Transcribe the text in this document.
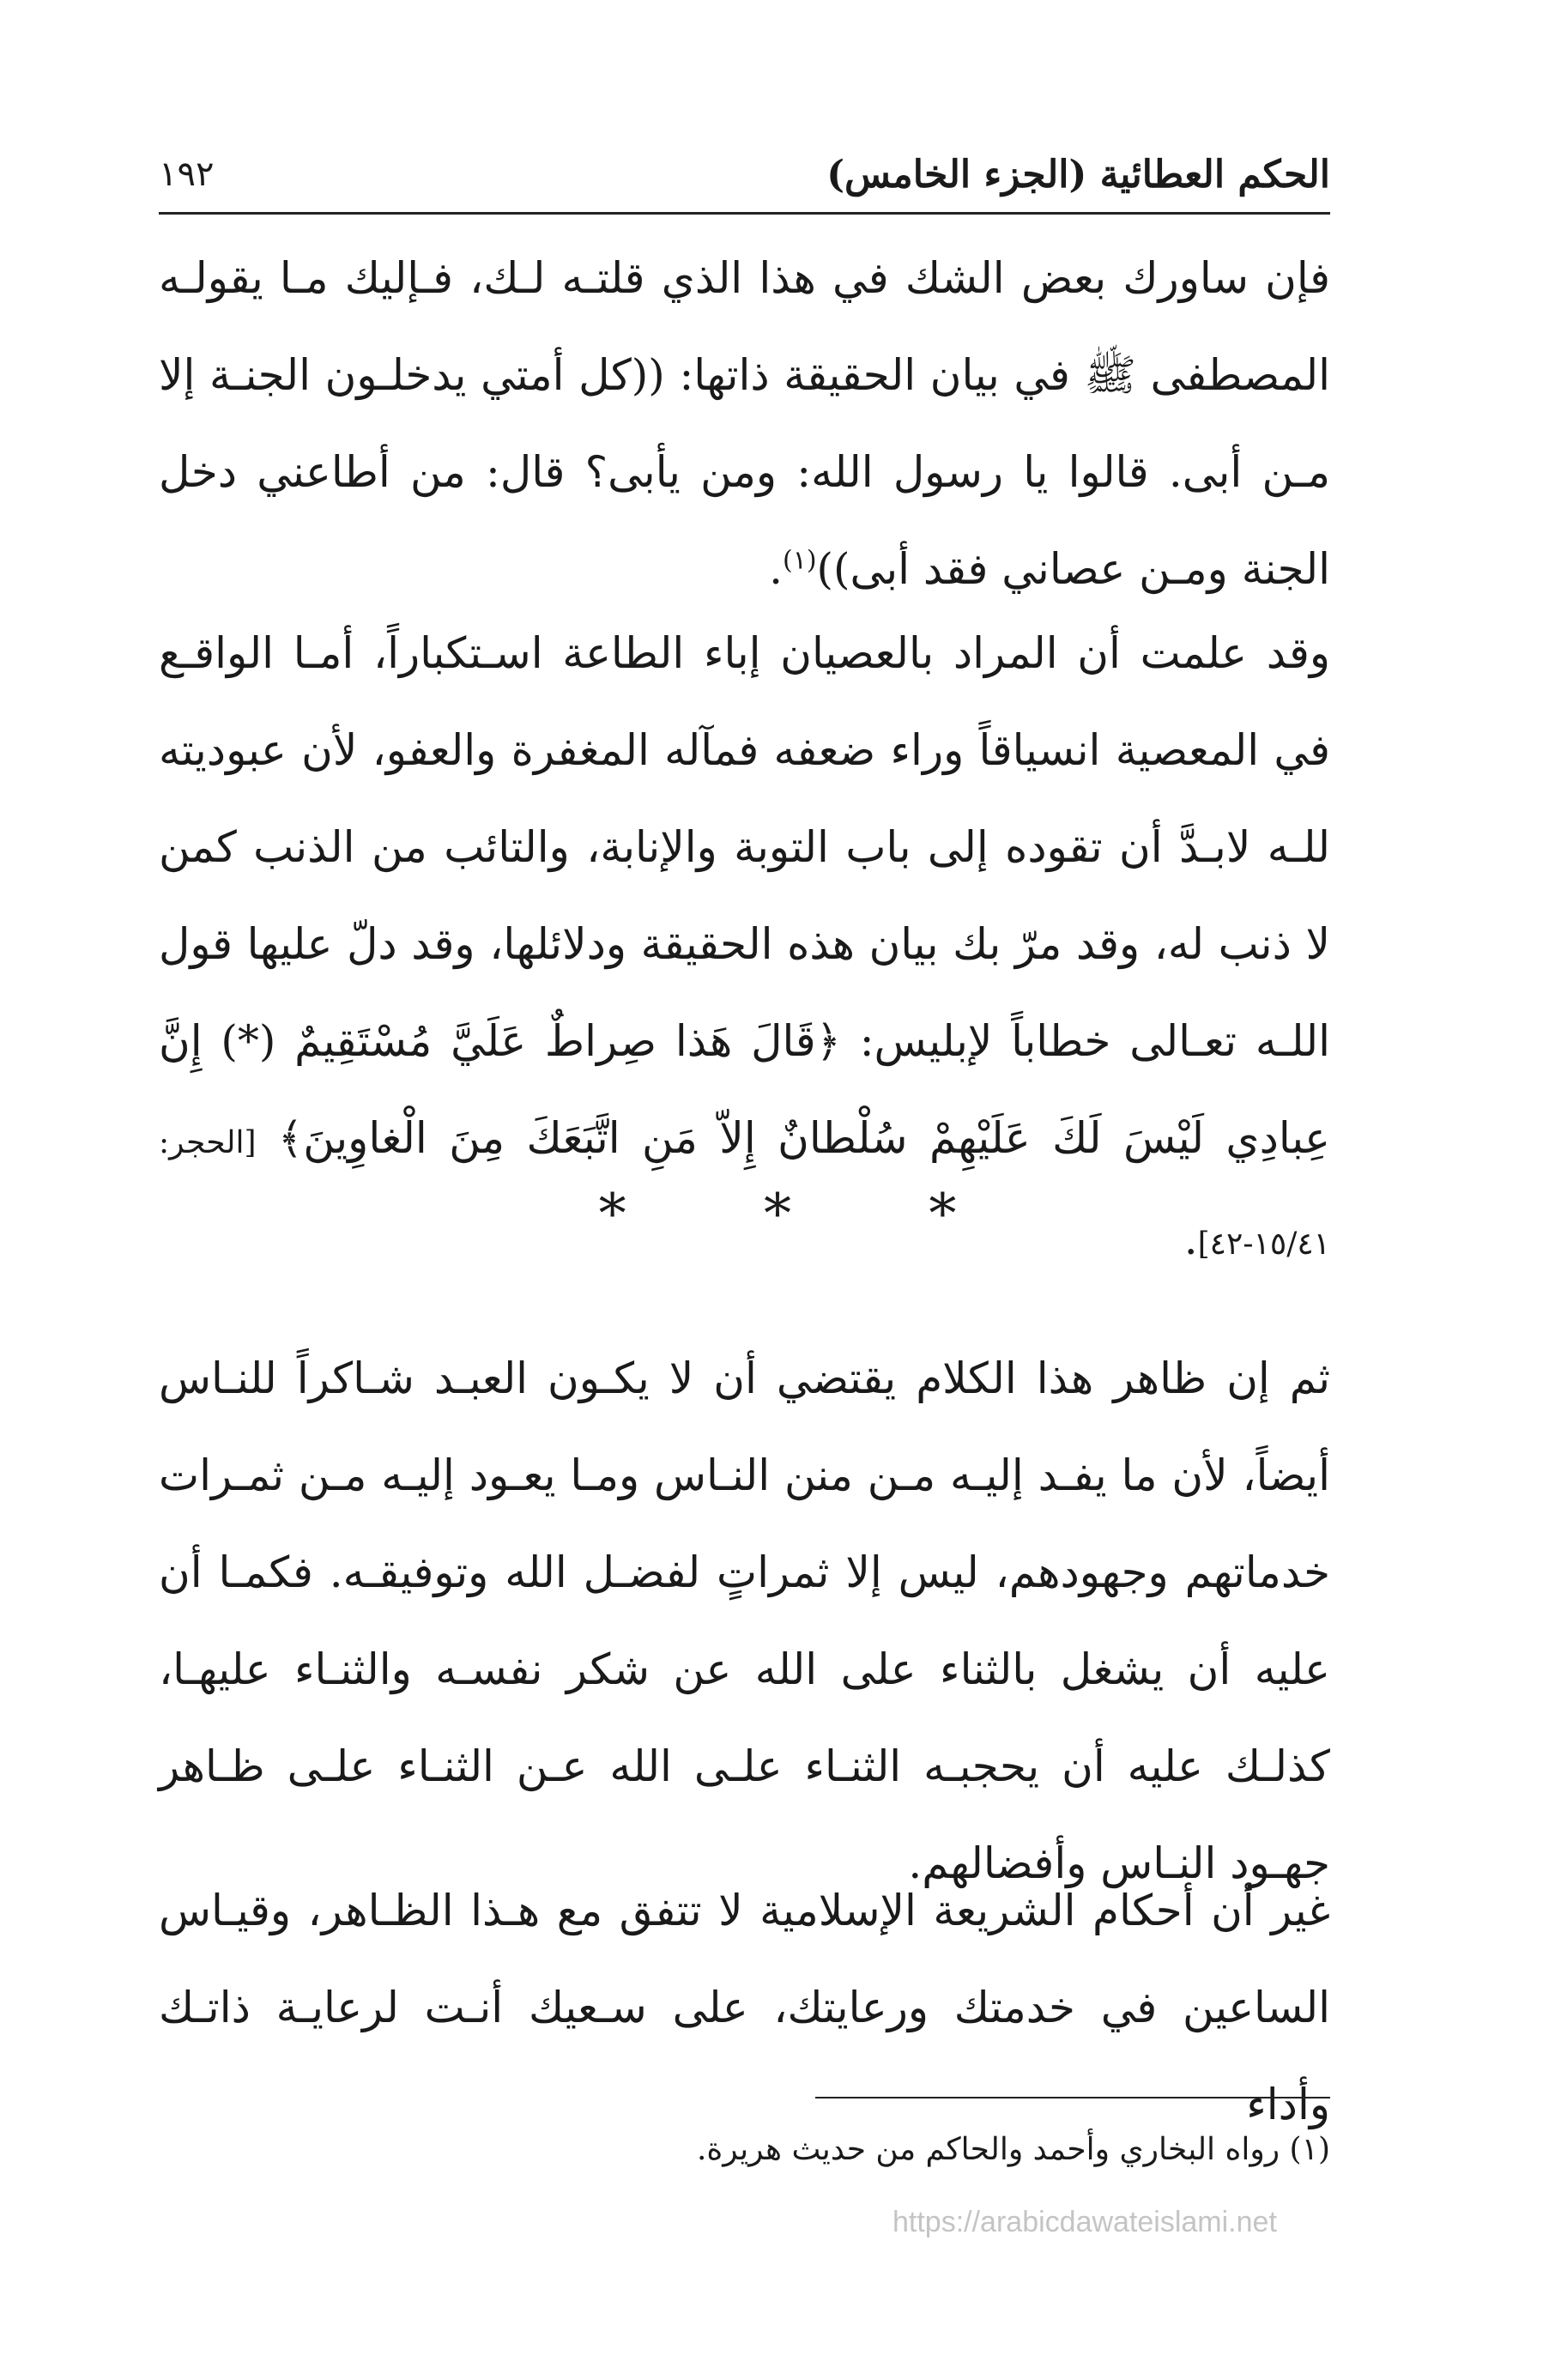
الحكم العطائية (الجزء الخامس)
١٩٢

فإن ساورك بعض الشك في هذا الذي قلتـه لـك، فـإليك مـا يقولـه المصطفى ﷺ في بيان الحقيقة ذاتها: ((كل أمتي يدخلـون الجنـة إلا مـن أبى. قالوا يا رسول الله: ومن يأبى؟ قال: من أطاعني دخل الجنة ومـن عصاني فقد أبى))$^{(١)}$.

وقد علمت أن المراد بالعصيان إباء الطاعة اسـتكباراً، أمـا الواقـع في المعصية انسياقاً وراء ضعفه فمآله المغفرة والعفو، لأن عبوديته للـه لابـدَّ أن تقوده إلى باب التوبة والإنابة، والتائب من الذنب كمن لا ذنب له، وقد مرّ بك بيان هذه الحقيقة ودلائلها، وقد دلّ عليها قول اللـه تعـالى خطاباً لإبليس: ﴿قَالَ هَذا صِراطٌ عَلَيَّ مُسْتَقِيمٌ (*) إِنَّ عِبادِي لَيْسَ لَكَ عَلَيْهِمْ سُلْطانٌ إِلاّ مَنِ اتَّبَعَكَ مِنَ الْغاوِينَ﴾ [الحجر: ١٥/٤١-٤٢].

*	*	*

ثم إن ظاهر هذا الكلام يقتضي أن لا يكـون العبـد شـاكراً للنـاس أيضاً، لأن ما يفـد إليـه مـن منن النـاس ومـا يعـود إليـه مـن ثمـرات خدماتهم وجهودهم، ليس إلا ثمراتٍ لفضـل الله وتوفيقـه. فكمـا أن عليه أن يشغل بالثناء على الله عن شكر نفسـه والثنـاء عليهـا، كذلـك عليه أن يحجبـه الثنـاء علـى الله عـن الثنـاء علـى ظـاهر جهـود النـاس وأفضالهم.

غير أن أحكام الشريعة الإسلامية لا تتفق مع هـذا الظـاهر، وقيـاس الساعين في خدمتك ورعايتك، على سـعيك أنـت لرعايـة ذاتـك وأداء

(١) رواه البخاري وأحمد والحاكم من حديث هريرة.
https://arabicdawateislami.net
